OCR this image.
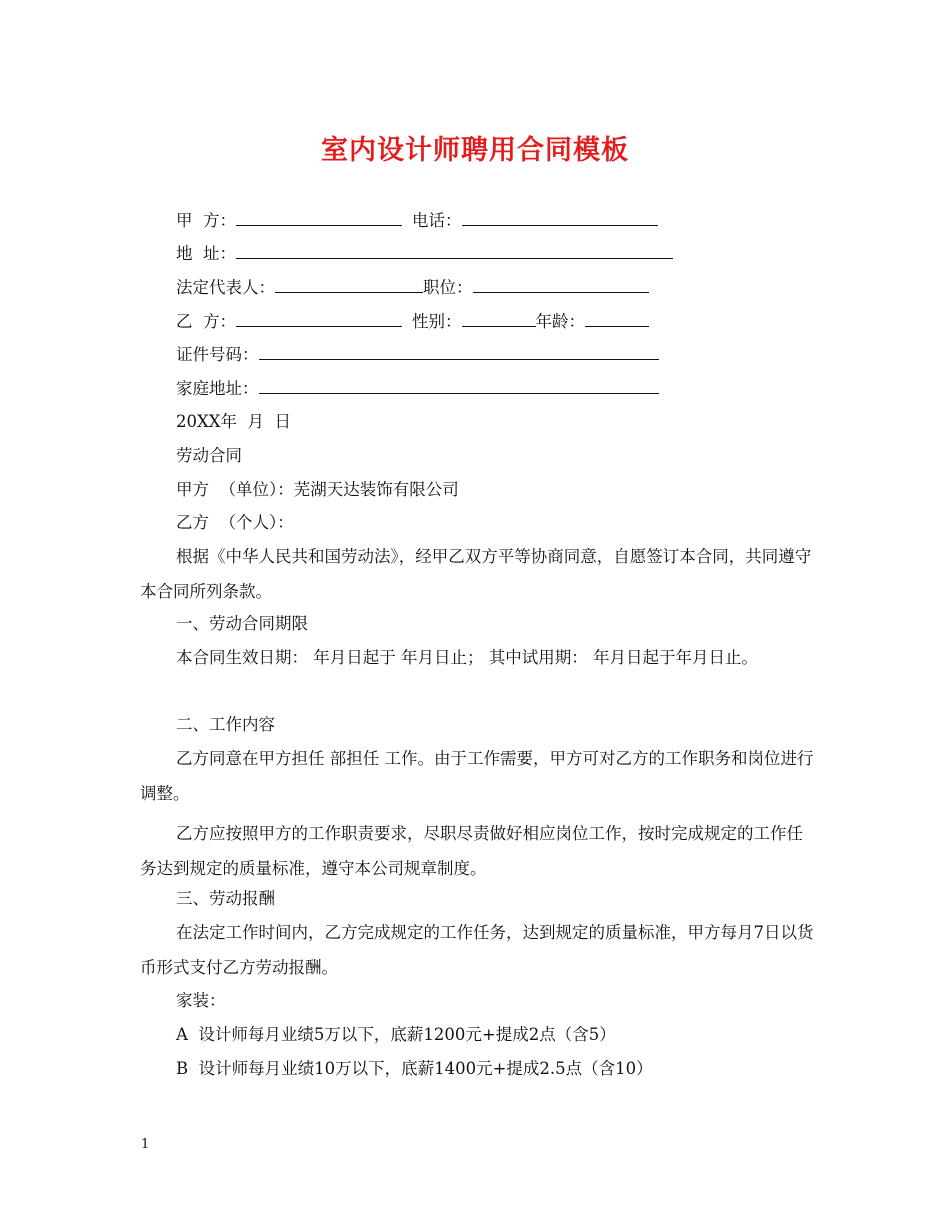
室内设计师聘用合同模板
甲  方：	电话：
地  址：
法定代表人：	职位：
乙  方：	性别：	年龄：
证件号码：
家庭地址：
20XX年  月  日
劳动合同
甲方  （单位）：芜湖天达装饰有限公司
乙方  （个人）：
根据《中华人民共和国劳动法》，经甲乙双方平等协商同意，自愿签订本合同，共同遵守本合同所列条款。
一、劳动合同期限
本合同生效日期： 年月日起于 年月日止； 其中试用期： 年月日起于年月日止。
二、工作内容
乙方同意在甲方担任 部担任 工作。由于工作需要，甲方可对乙方的工作职务和岗位进行调整。
乙方应按照甲方的工作职责要求，尽职尽责做好相应岗位工作，按时完成规定的工作任务达到规定的质量标准，遵守本公司规章制度。
三、劳动报酬
在法定工作时间内，乙方完成规定的工作任务，达到规定的质量标准，甲方每月7日以货币形式支付乙方劳动报酬。
家装：
A  设计师每月业绩5万以下，底薪1200元+提成2点（含5）
B  设计师每月业绩10万以下，底薪1400元+提成2.5点（含10）
1
